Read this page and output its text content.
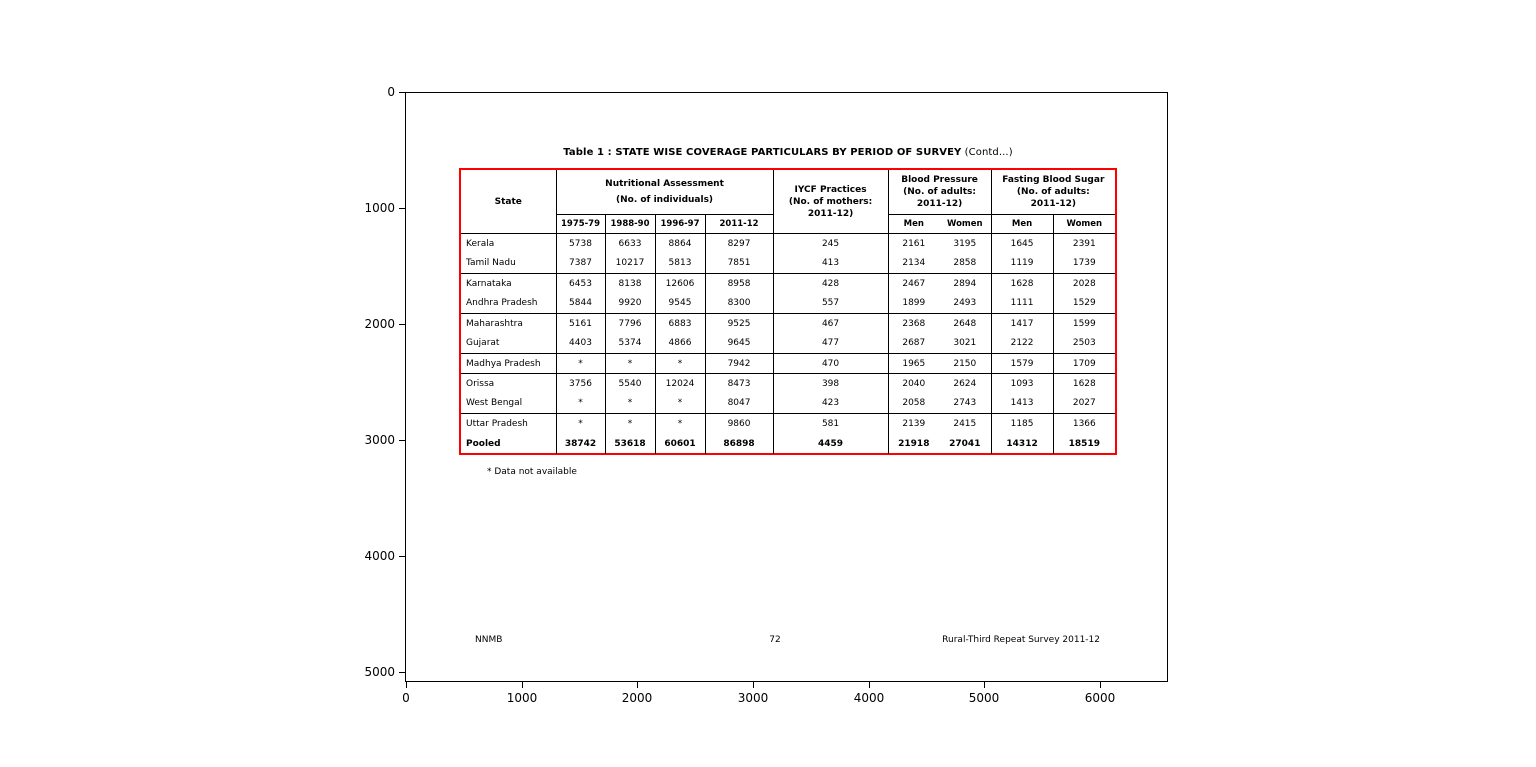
0
1000
2000
3000
4000
5000
0	1000	2000	3000	4000	5000	6000
Table 1 : STATE WISE COVERAGE PARTICULARS BY PERIOD OF SURVEY (Contd...)
State	
Nutritional Assessment
(No. of individuals)

IYCF Practices
(No. of mothers:
2011-12)

Blood Pressure
(No. of adults:
2011-12)

Fasting Blood Sugar
(No. of adults:
2011-12)

	1975-79	1988-90	1996-97	2011-12		Men	Women	Men	Women
Kerala	5738	6633	8864	8297	245	2161	3195	1645	2391
Tamil Nadu	7387	10217	5813	7851	413	2134	2858	1119	1739
Karnataka	6453	8138	12606	8958	428	2467	2894	1628	2028
Andhra Pradesh	5844	9920	9545	8300	557	1899	2493	1111	1529
Maharashtra	5161	7796	6883	9525	467	2368	2648	1417	1599
Gujarat	4403	5374	4866	9645	477	2687	3021	2122	2503
Madhya Pradesh	*	*	*	7942	470	1965	2150	1579	1709
Orissa	3756	5540	12024	8473	398	2040	2624	1093	1628
West Bengal	*	*	*	8047	423	2058	2743	1413	2027
Uttar Pradesh	*	*	*	9860	581	2139	2415	1185	1366
Pooled	38742	53618	60601	86898	4459	21918	27041	14312	18519
* Data not available
NNMB	72	Rural-Third Repeat Survey 2011-12
